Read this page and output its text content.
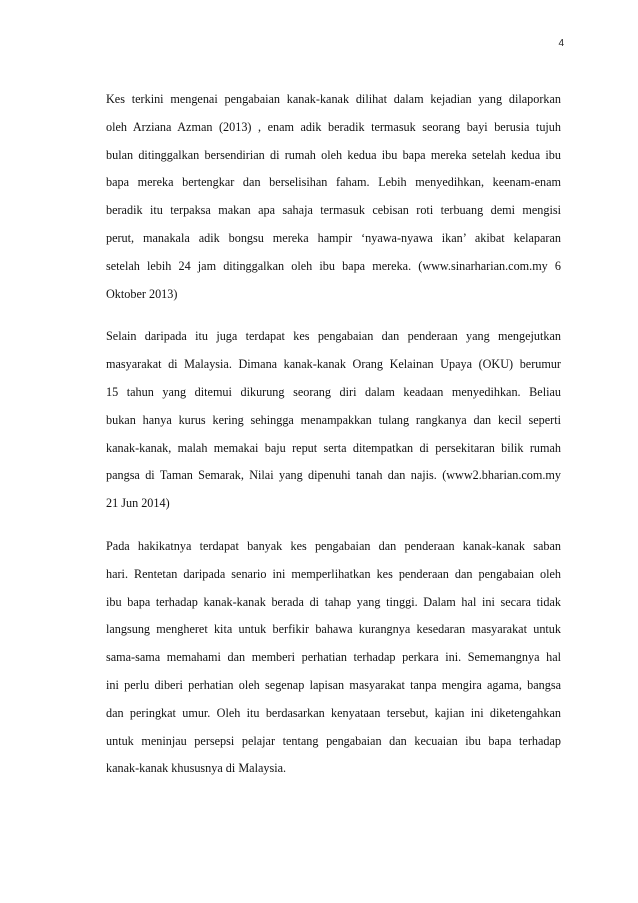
4

Kes terkini mengenai pengabaian kanak-kanak dilihat dalam kejadian yang dilaporkan
oleh Arziana Azman (2013) , enam adik beradik termasuk seorang bayi berusia tujuh
bulan ditinggalkan bersendirian di rumah oleh kedua ibu bapa mereka setelah kedua ibu
bapa mereka bertengkar dan berselisihan faham. Lebih menyedihkan, keenam-enam
beradik itu terpaksa makan apa sahaja termasuk cebisan roti terbuang demi mengisi
perut, manakala adik bongsu mereka hampir ‘nyawa-nyawa ikan’ akibat kelaparan
setelah lebih 24 jam ditinggalkan oleh ibu bapa mereka. (www.sinarharian.com.my 6
Oktober 2013)

Selain daripada itu juga terdapat kes pengabaian dan penderaan yang mengejutkan
masyarakat di Malaysia. Dimana kanak-kanak Orang Kelainan Upaya (OKU) berumur
15 tahun yang ditemui dikurung seorang diri dalam keadaan menyedihkan. Beliau
bukan hanya kurus kering sehingga menampakkan tulang rangkanya dan kecil seperti
kanak-kanak, malah memakai baju reput serta ditempatkan di persekitaran bilik rumah
pangsa di Taman Semarak, Nilai yang dipenuhi tanah dan najis. (www2.bharian.com.my
21 Jun 2014)

Pada hakikatnya terdapat banyak kes pengabaian dan penderaan kanak-kanak saban
hari. Rentetan daripada senario ini memperlihatkan kes penderaan dan pengabaian oleh
ibu bapa terhadap kanak-kanak berada di tahap yang tinggi. Dalam hal ini secara tidak
langsung mengheret kita untuk berfikir bahawa kurangnya kesedaran masyarakat untuk
sama-sama memahami dan memberi perhatian terhadap perkara ini. Sememangnya hal
ini perlu diberi perhatian oleh segenap lapisan masyarakat tanpa mengira agama, bangsa
dan peringkat umur. Oleh itu berdasarkan kenyataan tersebut, kajian ini diketengahkan
untuk meninjau persepsi pelajar tentang pengabaian dan kecuaian ibu bapa terhadap
kanak-kanak khususnya di Malaysia.
